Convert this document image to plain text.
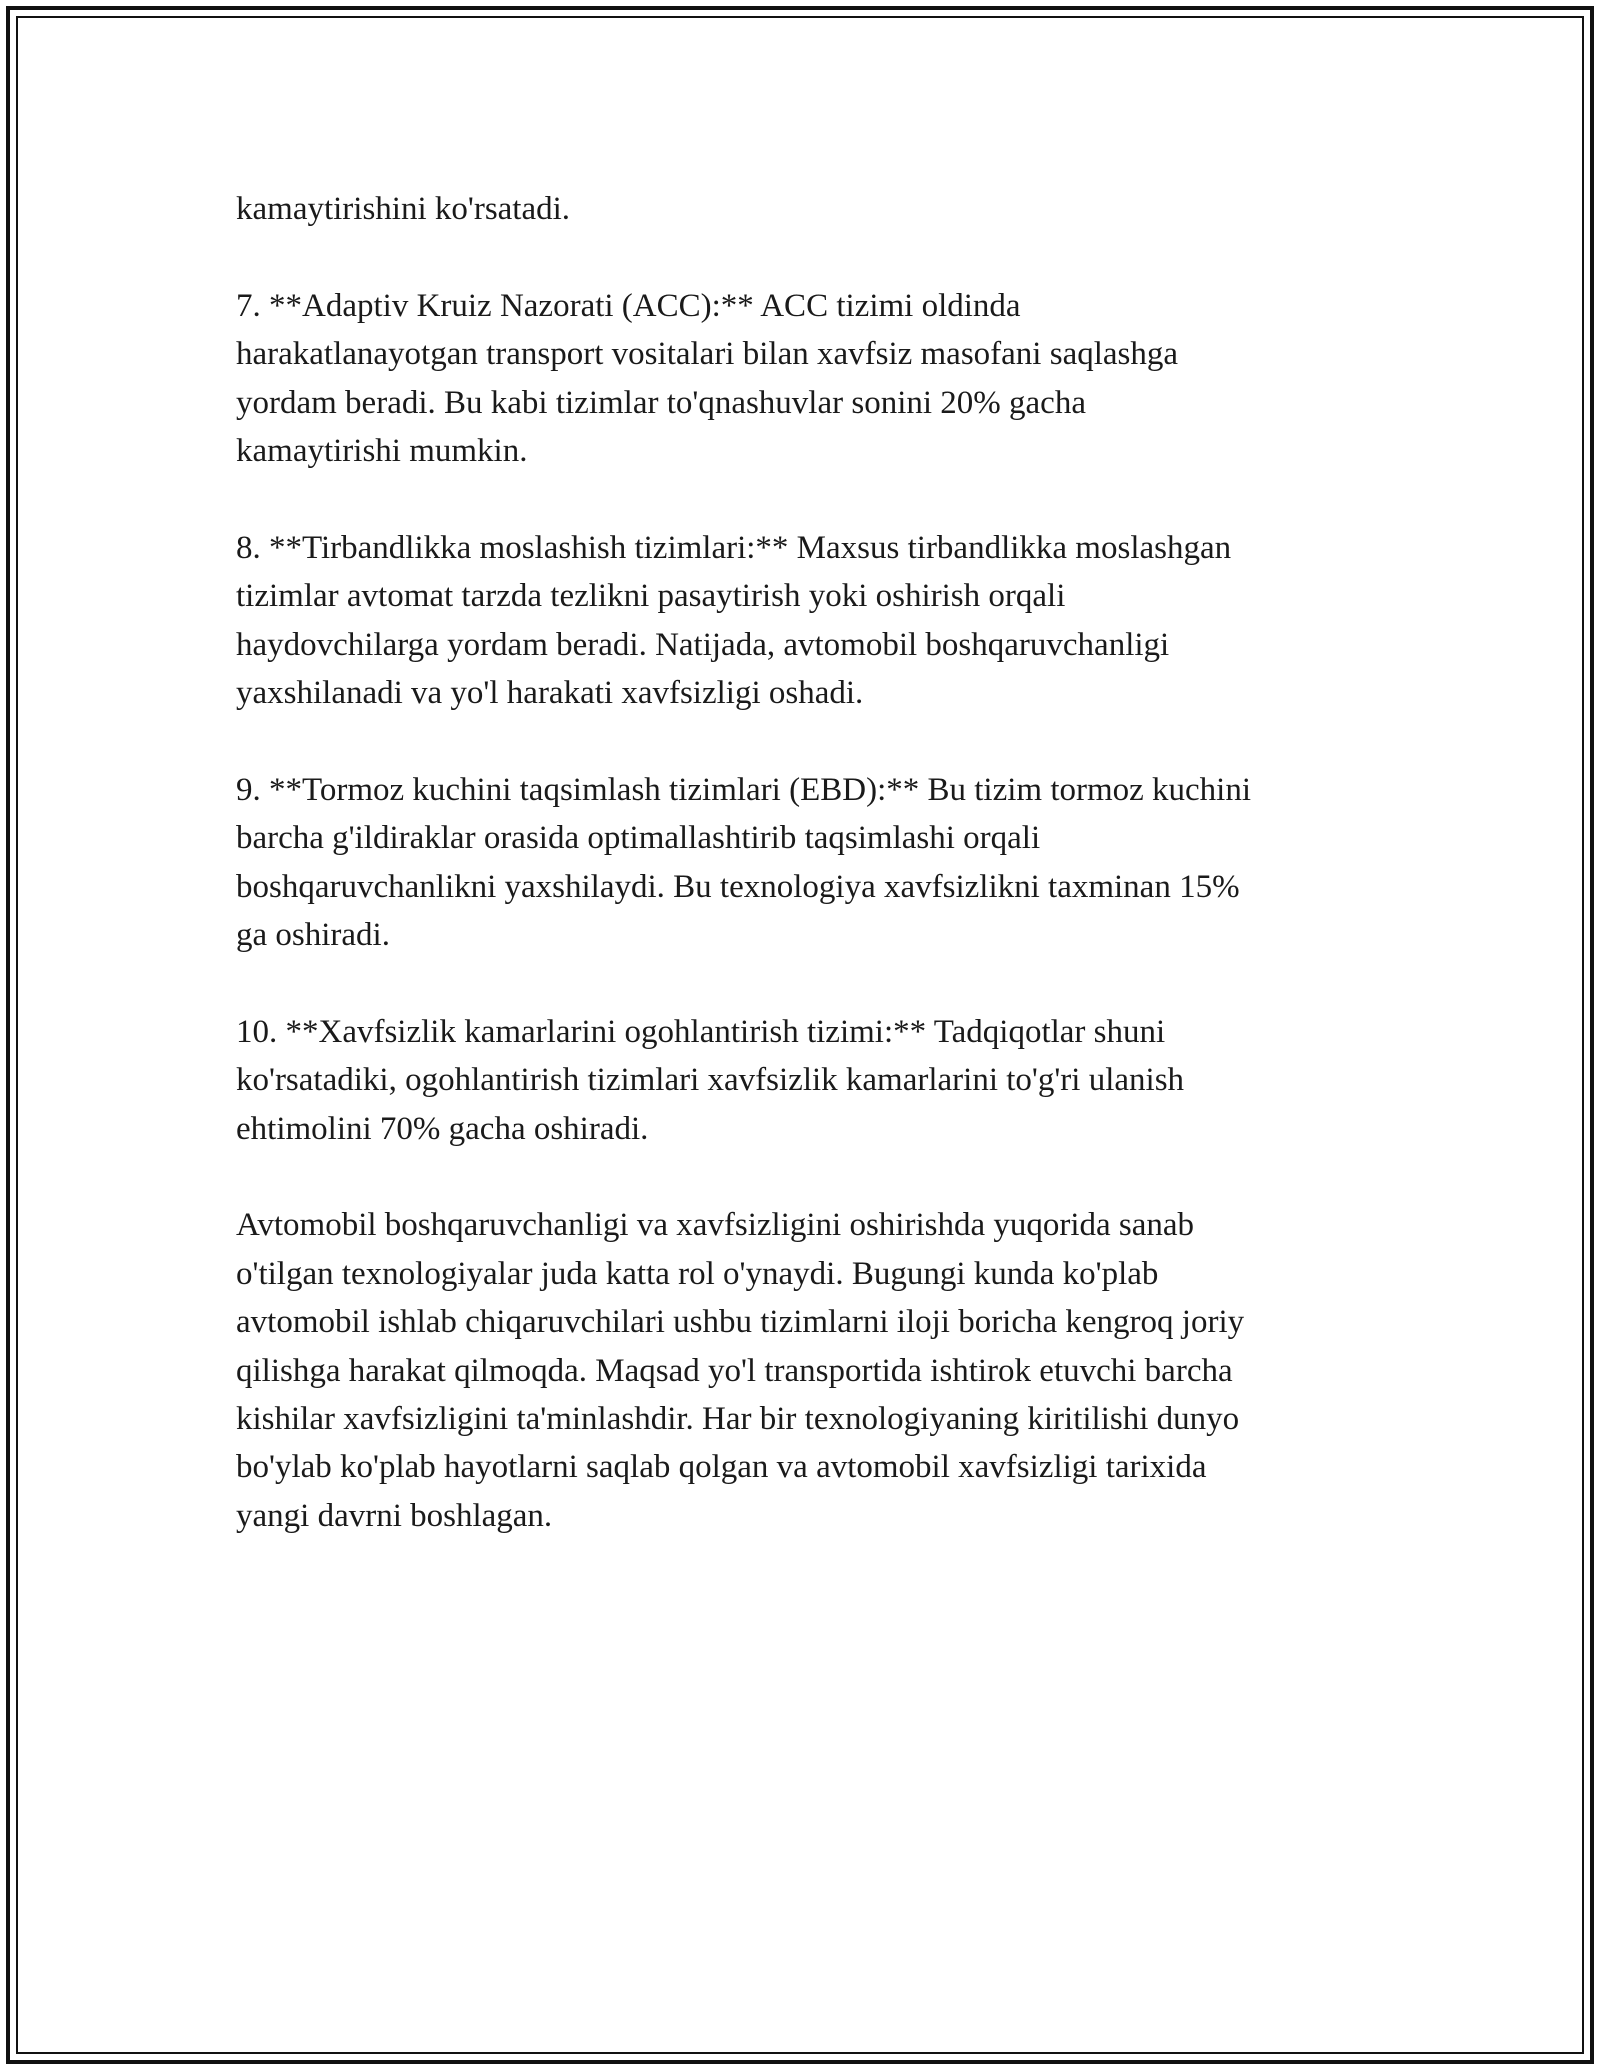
kamaytirishini ko'rsatadi.

7. **Adaptiv Kruiz Nazorati (ACC):** ACC tizimi oldinda
harakatlanayotgan transport vositalari bilan xavfsiz masofani saqlashga
yordam beradi. Bu kabi tizimlar to'qnashuvlar sonini 20% gacha
kamaytirishi mumkin.

8. **Tirbandlikka moslashish tizimlari:** Maxsus tirbandlikka moslashgan
tizimlar avtomat tarzda tezlikni pasaytirish yoki oshirish orqali
haydovchilarga yordam beradi. Natijada, avtomobil boshqaruvchanligi
yaxshilanadi va yo'l harakati xavfsizligi oshadi.

9. **Tormoz kuchini taqsimlash tizimlari (EBD):** Bu tizim tormoz kuchini
barcha g'ildiraklar orasida optimallashtirib taqsimlashi orqali
boshqaruvchanlikni yaxshilaydi. Bu texnologiya xavfsizlikni taxminan 15%
ga oshiradi.

10. **Xavfsizlik kamarlarini ogohlantirish tizimi:** Tadqiqotlar shuni
ko'rsatadiki, ogohlantirish tizimlari xavfsizlik kamarlarini to'g'ri ulanish
ehtimolini 70% gacha oshiradi.

Avtomobil boshqaruvchanligi va xavfsizligini oshirishda yuqorida sanab
o'tilgan texnologiyalar juda katta rol o'ynaydi. Bugungi kunda ko'plab
avtomobil ishlab chiqaruvchilari ushbu tizimlarni iloji boricha kengroq joriy
qilishga harakat qilmoqda. Maqsad yo'l transportida ishtirok etuvchi barcha
kishilar xavfsizligini ta'minlashdir. Har bir texnologiyaning kiritilishi dunyo
bo'ylab ko'plab hayotlarni saqlab qolgan va avtomobil xavfsizligi tarixida
yangi davrni boshlagan.
